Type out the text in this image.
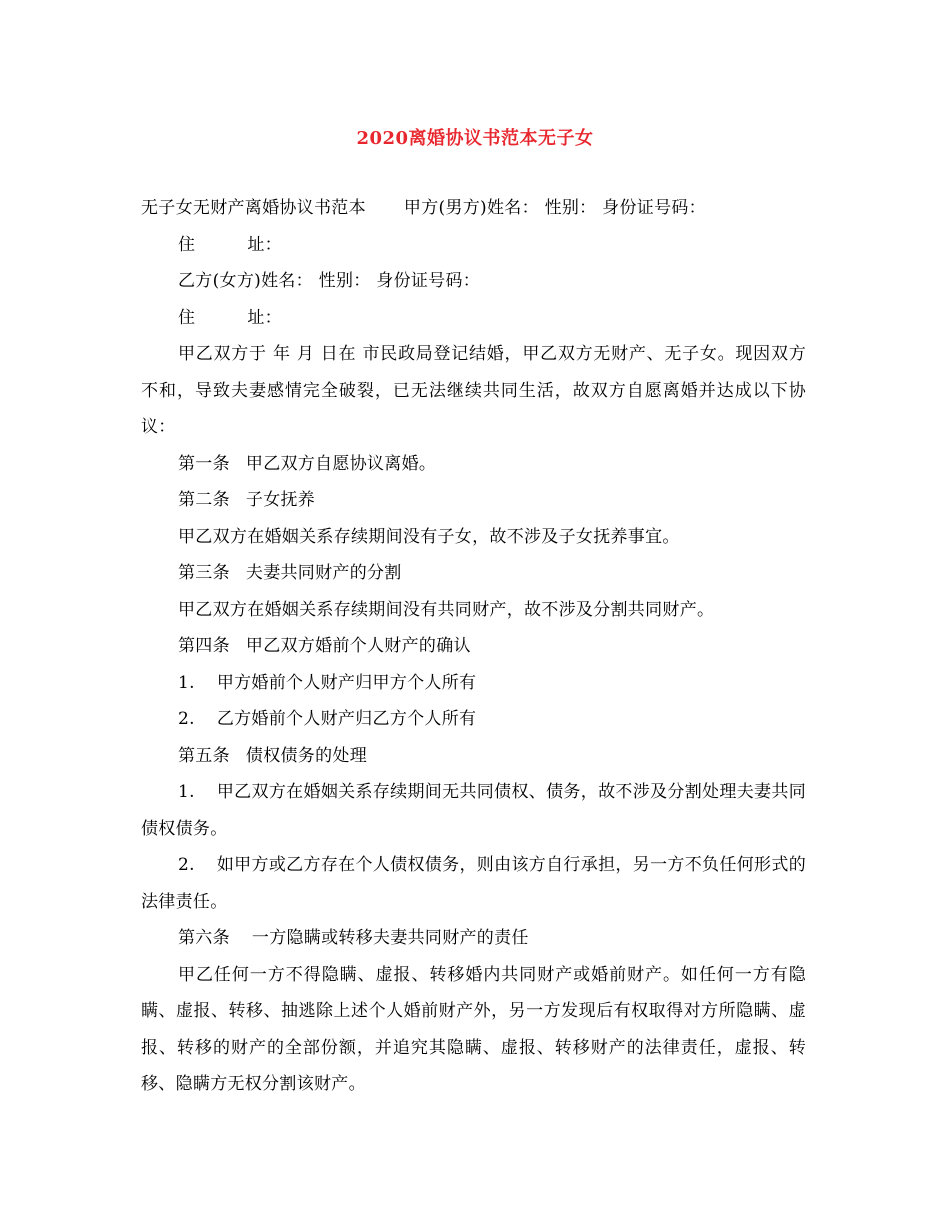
2020离婚协议书范本无子女

无子女无财产离婚协议书范本 甲方(男方)姓名： 性别： 身份证号码：

住	址：

乙方(女方)姓名： 性别： 身份证号码：

住	址：

甲乙双方于 年 月 日在 市民政局登记结婚，甲乙双方无财产、无子女。现因双方 不和，导致夫妻感情完全破裂，已无法继续共同生活，故双方自愿离婚并达成以下协议：

第一条 甲乙双方自愿协议离婚。

第二条 子女抚养

甲乙双方在婚姻关系存续期间没有子女，故不涉及子女抚养事宜。

第三条 夫妻共同财产的分割

甲乙双方在婚姻关系存续期间没有共同财产，故不涉及分割共同财产。

第四条 甲乙双方婚前个人财产的确认

1. 甲方婚前个人财产归甲方个人所有

2. 乙方婚前个人财产归乙方个人所有

第五条 债权债务的处理

1. 甲乙双方在婚姻关系存续期间无共同债权、债务，故不涉及分割处理夫妻共同债权债务。

2. 如甲方或乙方存在个人债权债务，则由该方自行承担，另一方不负任何形式的法律责任。

第六条 一方隐瞒或转移夫妻共同财产的责任

甲乙任何一方不得隐瞒、虚报、转移婚内共同财产或婚前财产。如任何一方有隐瞒、虚报、转移、抽逃除上述个人婚前财产外，另一方发现后有权取得对方所隐瞒、虚报、转移的财产的全部份额，并追究其隐瞒、虚报、转移财产的法律责任，虚报、转移、隐瞒方无权分割该财产。
